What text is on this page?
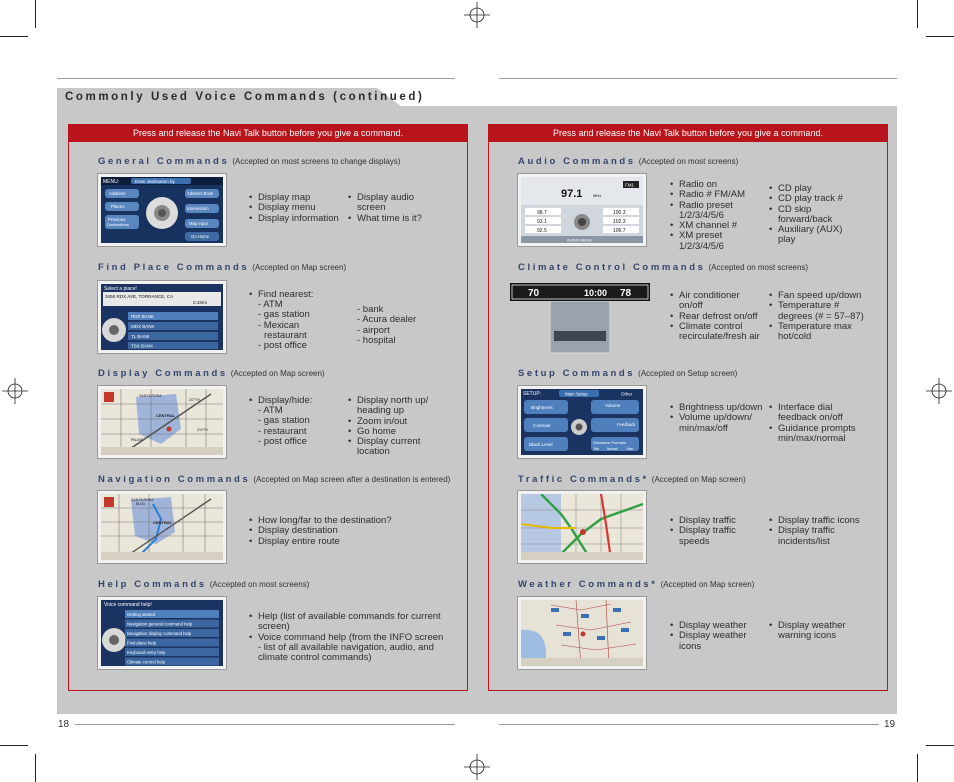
Commonly Used Voice Commands (continued)
Press and release the Navi Talk button before you give a command.
General Commands (Accepted on most screens to change displays)
MENU:	Enter destination by
Address
Places
Previous
Destinations
Address Book
Intersection
Map Input
Go Home
• Display map
• Display menu
• Display information
• Display audio screen
• What time is it?
Find Place Commands (Accepted on Map screen)
Select a place!
3456 RDX AVE, TORRANCE, CA
0.33mi
RDX BANK
MDX BANK
TL BANK
TSX BANK
• Find nearest:
- ATM
- gas station
- Mexican restaurant
- post office
- bank
- Acura dealer
- airport
- hospital
Display Commands (Accepted on Map screen)
SANTA ROSA
207TH
CENTRAL
PALMS
212TH
• Display/hide:
- ATM
- gas station
- restaurant
- post office
• Display north up/ heading up
• Zoom in/out
• Go home
• Display current location
Navigation Commands (Accepted on Map screen after a destination is entered)
SANTA ROSA
BLVD
CENTRAL	• How long/far to the destination?
• Display destination
• Display entire route
Help Commands (Accepted on most screens)
Voice command help!
Getting started
Navigation general command help
Navigation display command help
Find place help
Keyboard entry help
Climate control help
• Help (list of available commands for current screen)
• Voice command help (from the INFO screen - list of all available navigation, audio, and climate control commands)
Press and release the Navi Talk button before you give a command.
Audio Commands (Accepted on most screens)
97.1	MHz
FM1
98.7
93.1
92.5
100.3
102.3
106.7
AUDIO MENU
• Radio on
• Radio # FM/AM
• Radio preset 1/2/3/4/5/6
• XM channel #
• XM preset 1/2/3/4/5/6
• CD play
• CD play track #
• CD skip forward/back
• Auxiliary (AUX) play
Climate Control Commands (Accepted on most screens)
70	10:00 78	• Air conditioner on/off
• Rear defrost on/off
• Climate control recirculate/fresh air
• Fan speed up/down
• Temperature # degrees (# = 57–87)
• Temperature max hot/cold
Setup Commands (Accepted on Setup screen)
SETUP:	Main Setup	Other
Brightness
Contrast
Black Level
Volume
Feedback
Guidance Prompts
Min Normal	Max
• Brightness up/down
• Volume up/down/ min/max/off
• Interface dial feedback on/off
• Guidance prompts min/max/normal
Traffic Commands* (Accepted on Map screen)
• Display traffic
• Display traffic speeds
• Display traffic icons
• Display traffic incidents/list
Weather Commands* (Accepted on Map screen)
• Display weather
• Display weather icons
• Display weather warning icons
18	19
